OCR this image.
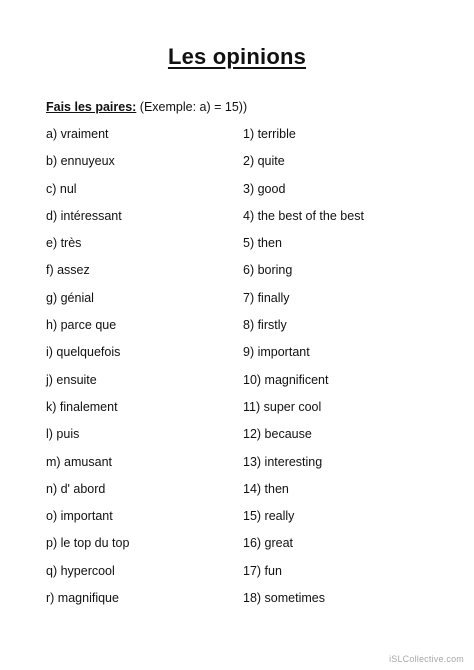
Les opinions
Fais les paires: (Exemple: a) = 15))
a) vraiment
b) ennuyeux
c) nul
d) intéressant
e) très
f) assez
g) génial
h) parce que
i) quelquefois
j) ensuite
k) finalement
l) puis
m) amusant
n) d' abord
o) important
p) le top du top
q) hypercool
r) magnifique
1) terrible
2) quite
3) good
4) the best of the best
5) then
6) boring
7) finally
8) firstly
9) important
10) magnificent
11) super cool
12) because
13) interesting
14) then
15) really
16) great
17) fun
18) sometimes
iSLCollective.com
